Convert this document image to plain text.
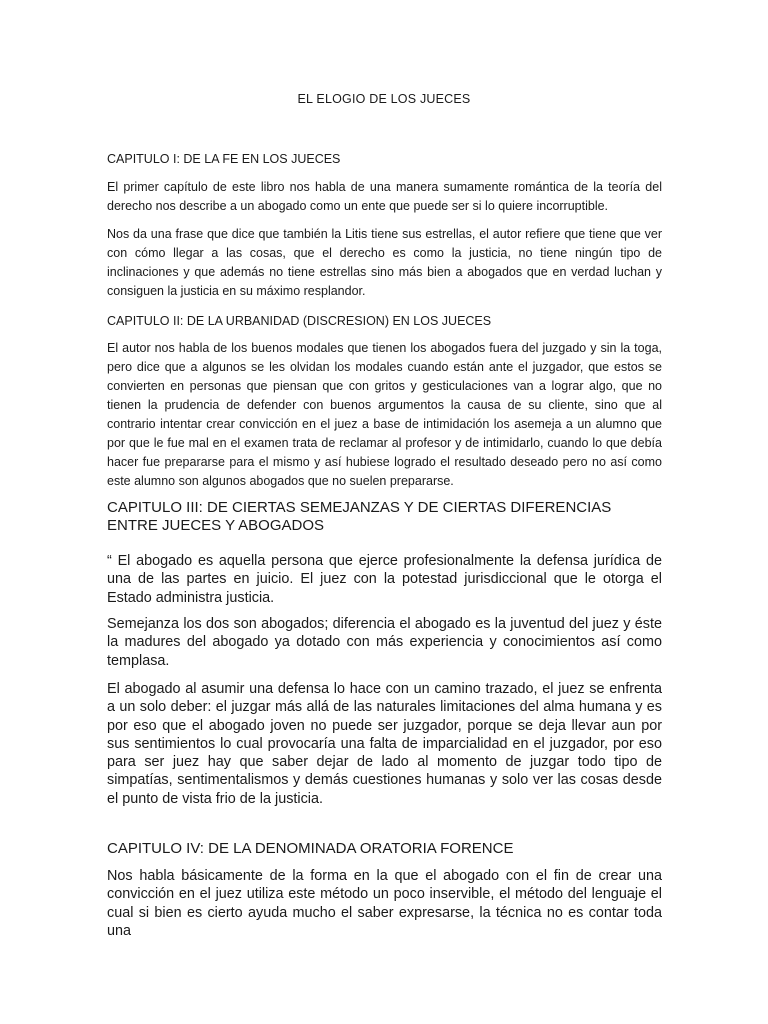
EL ELOGIO DE LOS JUECES

CAPITULO I: DE LA FE EN LOS JUECES

El primer capítulo de este libro nos habla de una manera sumamente romántica de la teoría del derecho nos describe a un abogado como un ente que puede ser si lo quiere incorruptible.

Nos da una frase que dice que también la Litis tiene sus estrellas, el autor refiere que tiene que ver con cómo llegar a las cosas, que el derecho es como la justicia, no tiene ningún tipo de inclinaciones y que además no tiene estrellas sino más bien a abogados que en verdad luchan y consiguen la justicia en su máximo resplandor.

CAPITULO II: DE LA URBANIDAD (DISCRESION) EN LOS JUECES

El autor nos habla de los buenos modales que tienen los abogados fuera del juzgado y sin la toga, pero dice que a algunos se les olvidan los modales cuando están ante el juzgador, que estos se convierten en personas que piensan que con gritos y gesticulaciones van a lograr algo, que no tienen la prudencia de defender con buenos argumentos la causa de su cliente, sino que al contrario intentar crear convicción en el juez a base de intimidación los asemeja a un alumno que por que le fue mal en el examen trata de reclamar al profesor y de intimidarlo, cuando lo que debía hacer fue prepararse para el mismo y así hubiese logrado el resultado deseado pero no así como este alumno son algunos abogados que no suelen prepararse.

CAPITULO III: DE CIERTAS SEMEJANZAS Y DE CIERTAS DIFERENCIAS ENTRE JUECES Y ABOGADOS

“ El abogado es aquella persona que ejerce profesionalmente la defensa jurídica de una de las partes en juicio. El juez con la potestad jurisdiccional que le otorga el Estado administra justicia.

Semejanza los dos son abogados; diferencia el abogado es la juventud del juez y éste la madures del abogado ya dotado con más experiencia y conocimientos así como templasa.

El abogado al asumir una defensa lo hace con un camino trazado, el juez se enfrenta a un solo deber: el juzgar más allá de las naturales limitaciones del alma humana y es por eso que el abogado joven no puede ser juzgador, porque se deja llevar aun por sus sentimientos lo cual provocaría una falta de imparcialidad en el juzgador, por eso para ser juez hay que saber dejar de lado al momento de juzgar todo tipo de simpatías, sentimentalismos y demás cuestiones humanas y solo ver las cosas desde el punto de vista frio de la justicia.

CAPITULO IV: DE LA DENOMINADA ORATORIA FORENCE

Nos habla básicamente de la forma en la que el abogado con el fin de crear una convicción en el juez utiliza este método un poco inservible, el método del lenguaje el cual si bien es cierto ayuda mucho el saber expresarse, la técnica no es contar toda una
